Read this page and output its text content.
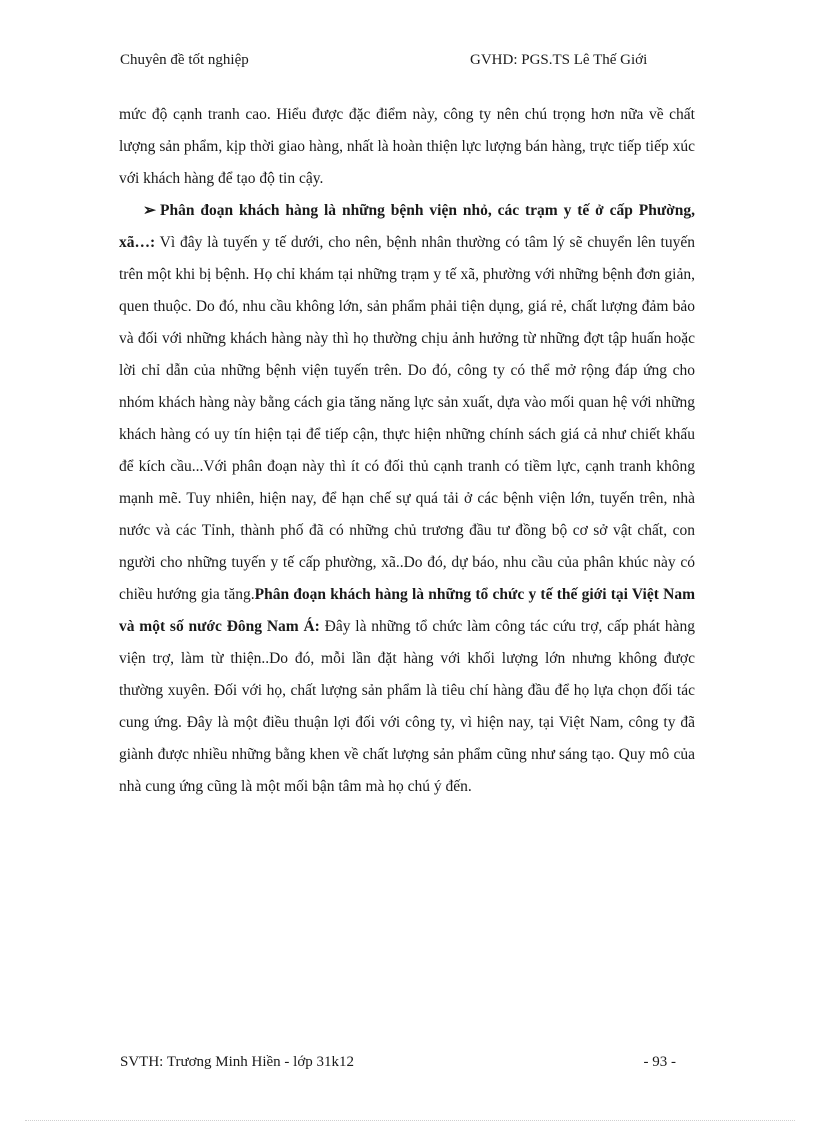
Chuyên đề tốt nghiệp	GVHD: PGS.TS Lê Thế Giới

mức độ cạnh tranh cao. Hiểu được đặc điểm này, công ty nên chú trọng hơn nữa về chất lượng sản phẩm, kịp thời giao hàng, nhất là hoàn thiện lực lượng bán hàng, trực tiếp tiếp xúc với khách hàng để tạo độ tin cậy.

➢ Phân đoạn khách hàng là những bệnh viện nhỏ, các trạm y tế ở cấp Phường, xã…: Vì đây là tuyến y tế dưới, cho nên, bệnh nhân thường có tâm lý sẽ chuyển lên tuyến trên một khi bị bệnh. Họ chỉ khám tại những trạm y tế xã, phường với những bệnh đơn giản, quen thuộc. Do đó, nhu cầu không lớn, sản phẩm phải tiện dụng, giá rẻ, chất lượng đảm bảo và đối với những khách hàng này thì họ thường chịu ảnh hưởng từ những đợt tập huấn hoặc lời chỉ dẫn của những bệnh viện tuyến trên. Do đó, công ty có thể mở rộng đáp ứng cho nhóm khách hàng này bằng cách gia tăng năng lực sản xuất, dựa vào mối quan hệ với những khách hàng có uy tín hiện tại để tiếp cận, thực hiện những chính sách giá cả như chiết khấu để kích cầu...Với phân đoạn này thì ít có đối thủ cạnh tranh có tiềm lực, cạnh tranh không mạnh mẽ. Tuy nhiên, hiện nay, để hạn chế sự quá tải ở các bệnh viện lớn, tuyến trên, nhà nước và các Tỉnh, thành phố đã có những chủ trương đầu tư đồng bộ cơ sở vật chất, con người cho những tuyến y tế cấp phường, xã..Do đó, dự báo, nhu cầu của phân khúc này có chiều hướng gia tăng.Phân đoạn khách hàng là những tổ chức y tế thế giới tại Việt Nam và một số nước Đông Nam Á: Đây là những tổ chức làm công tác cứu trợ, cấp phát hàng viện trợ, làm từ thiện..Do đó, mỗi lần đặt hàng với khối lượng lớn nhưng không được thường xuyên. Đối với họ, chất lượng sản phẩm là tiêu chí hàng đầu để họ lựa chọn đối tác cung ứng. Đây là một điều thuận lợi đối với công ty, vì hiện nay, tại Việt Nam, công ty đã giành được nhiều những bằng khen về chất lượng sản phẩm cũng như sáng tạo. Quy mô của nhà cung ứng cũng là một mối bận tâm mà họ chú ý đến.

SVTH: Trương Minh Hiền - lớp 31k12	- 93 -
